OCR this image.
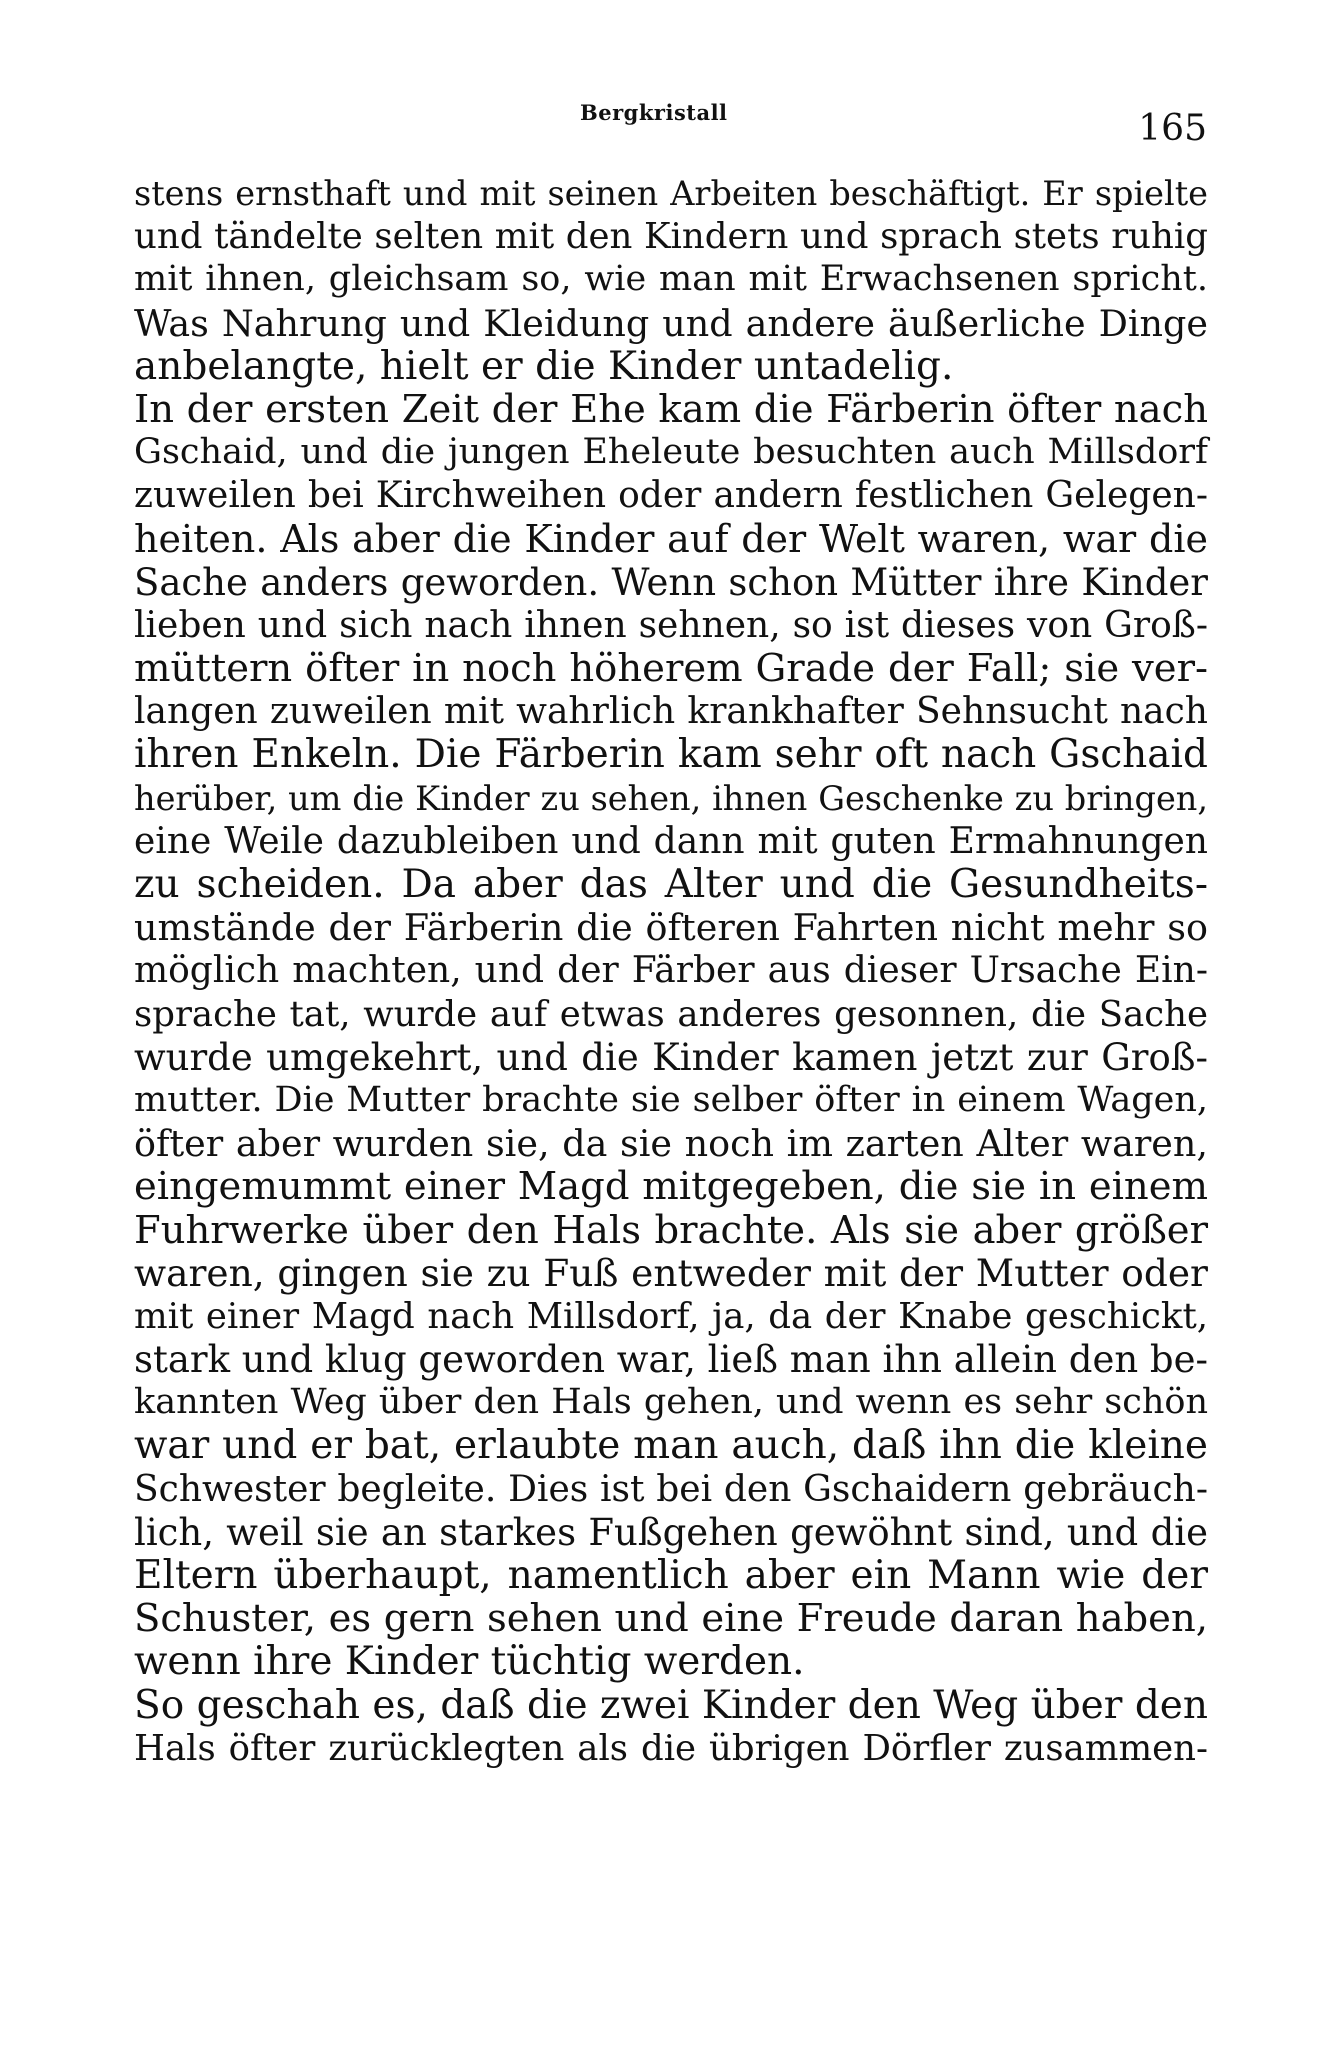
Bergkristall	165
stens ernsthaft und mit seinen Arbeiten beschäftigt. Er spielte
und tändelte selten mit den Kindern und sprach stets ruhig
mit ihnen, gleichsam so, wie man mit Erwachsenen spricht.
Was Nahrung und Kleidung und andere äußerliche Dinge
anbelangte, hielt er die Kinder untadelig.
In der ersten Zeit der Ehe kam die Färberin öfter nach
Gschaid, und die jungen Eheleute besuchten auch Millsdorf
zuweilen bei Kirchweihen oder andern festlichen Gelegen-
heiten. Als aber die Kinder auf der Welt waren, war die
Sache anders geworden. Wenn schon Mütter ihre Kinder
lieben und sich nach ihnen sehnen, so ist dieses von Groß-
müttern öfter in noch höherem Grade der Fall; sie ver-
langen zuweilen mit wahrlich krankhafter Sehnsucht nach
ihren Enkeln. Die Färberin kam sehr oft nach Gschaid
herüber, um die Kinder zu sehen, ihnen Geschenke zu bringen,
eine Weile dazubleiben und dann mit guten Ermahnungen
zu scheiden. Da aber das Alter und die Gesundheits-
umstände der Färberin die öfteren Fahrten nicht mehr so
möglich machten, und der Färber aus dieser Ursache Ein-
sprache tat, wurde auf etwas anderes gesonnen, die Sache
wurde umgekehrt, und die Kinder kamen jetzt zur Groß-
mutter. Die Mutter brachte sie selber öfter in einem Wagen,
öfter aber wurden sie, da sie noch im zarten Alter waren,
eingemummt einer Magd mitgegeben, die sie in einem
Fuhrwerke über den Hals brachte. Als sie aber größer
waren, gingen sie zu Fuß entweder mit der Mutter oder
mit einer Magd nach Millsdorf, ja, da der Knabe geschickt,
stark und klug geworden war, ließ man ihn allein den be-
kannten Weg über den Hals gehen, und wenn es sehr schön
war und er bat, erlaubte man auch, daß ihn die kleine
Schwester begleite. Dies ist bei den Gschaidern gebräuch-
lich, weil sie an starkes Fußgehen gewöhnt sind, und die
Eltern überhaupt, namentlich aber ein Mann wie der
Schuster, es gern sehen und eine Freude daran haben,
wenn ihre Kinder tüchtig werden.
So geschah es, daß die zwei Kinder den Weg über den
Hals öfter zurücklegten als die übrigen Dörfler zusammen-
